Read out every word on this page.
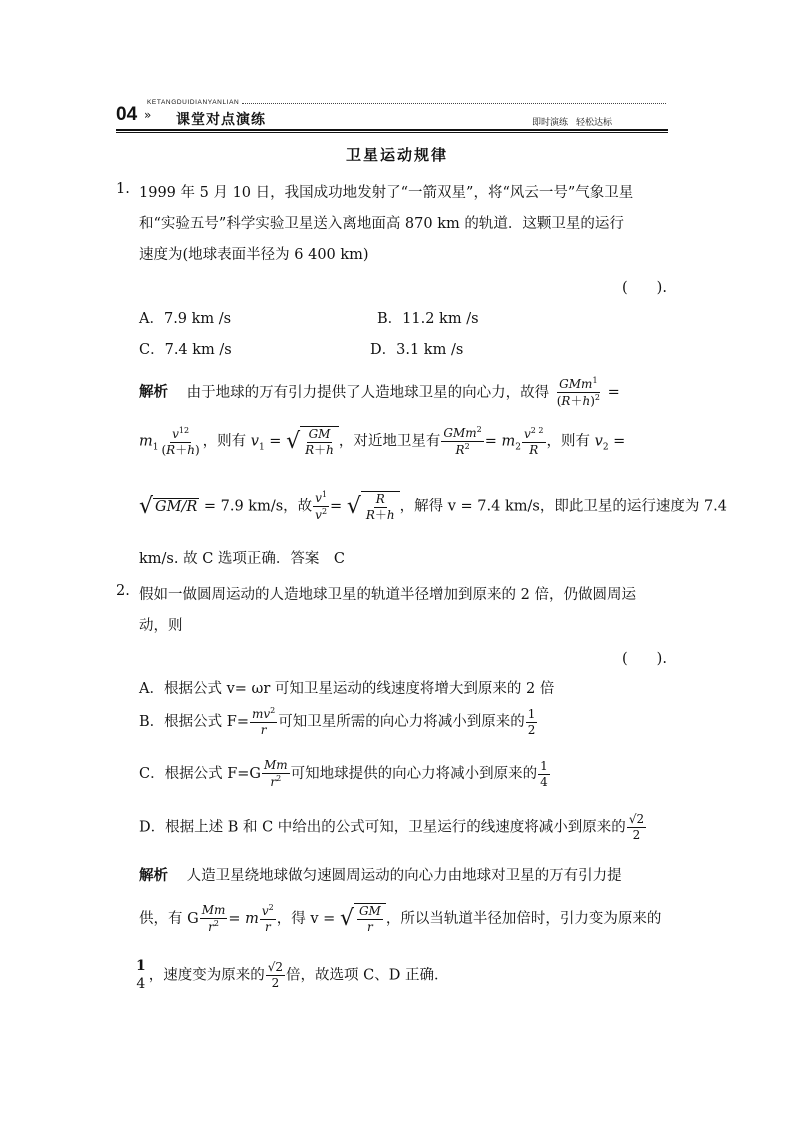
04 »
KETANGDUIDIANYANLIAN
课堂对点演练	即时演练 轻松达标
卫星运动规律
1. 1999 年 5 月 10 日，我国成功地发射了“一箭双星”，将“风云一号”气象卫星
和“实验五号”科学实验卫星送入离地面高 870 km 的轨道．这颗卫星的运行
速度为(地球表面半径为 6 400 km)
(　　).
A．7.9 km /s	B．11.2 km /s
C．7.4 km /s	D．3.1 km /s
解析 由于地球的万有引力提供了人造地球卫星的向心力，故得 $\frac{GMm^1}{(R+h)^2}$ =
$m_1 \frac{v^{12}}{(R+h)}$ ，则有 $v_1$ = √ $\frac{GM}{R+h}$ ，对近地卫星有 $\frac{GMm^2}{R^2} = m_2 \frac{v^{2 2}}{R}$ ，则有 $v_2$ =
√ GM/R = 7.9 km/s，故 $\frac{v^1}{v^2}$ = √ $\frac{R}{R+h}$ ，解得 v = 7.4 km/s，即此卫星的运行速度为 7.4
km/s. 故 C 选项正确．答案　C
2. 假如一做圆周运动的人造地球卫星的轨道半径增加到原来的 2 倍，仍做圆周运
动，则
(　　).
A．根据公式 v= ωr 可知卫星运动的线速度将增大到原来的 2 倍
B．根据公式 $F= \frac{mv^2}{r}$ 可知卫星所需的向心力将减小到原来的 $\frac{1}{2}$
C．根据公式 $F=G \frac{Mm}{r^2}$ 可知地球提供的向心力将减小到原来的 $\frac{1}{4}$
D．根据上述 B 和 C 中给出的公式可知，卫星运行的线速度将减小到原来的 $\frac{√2}{2}$
解析 人造卫星绕地球做匀速圆周运动的向心力由地球对卫星的万有引力提
供，有 G $\frac{Mm}{r^2} = m \frac{v^2}{r}$ ，得 v = √ $\frac{GM}{r}$ ，所以当轨道半径加倍时，引力变为原来的
1
4 ，速度变为原来的 $\frac{√2}{2}$ 倍，故选项 C、D 正确．
